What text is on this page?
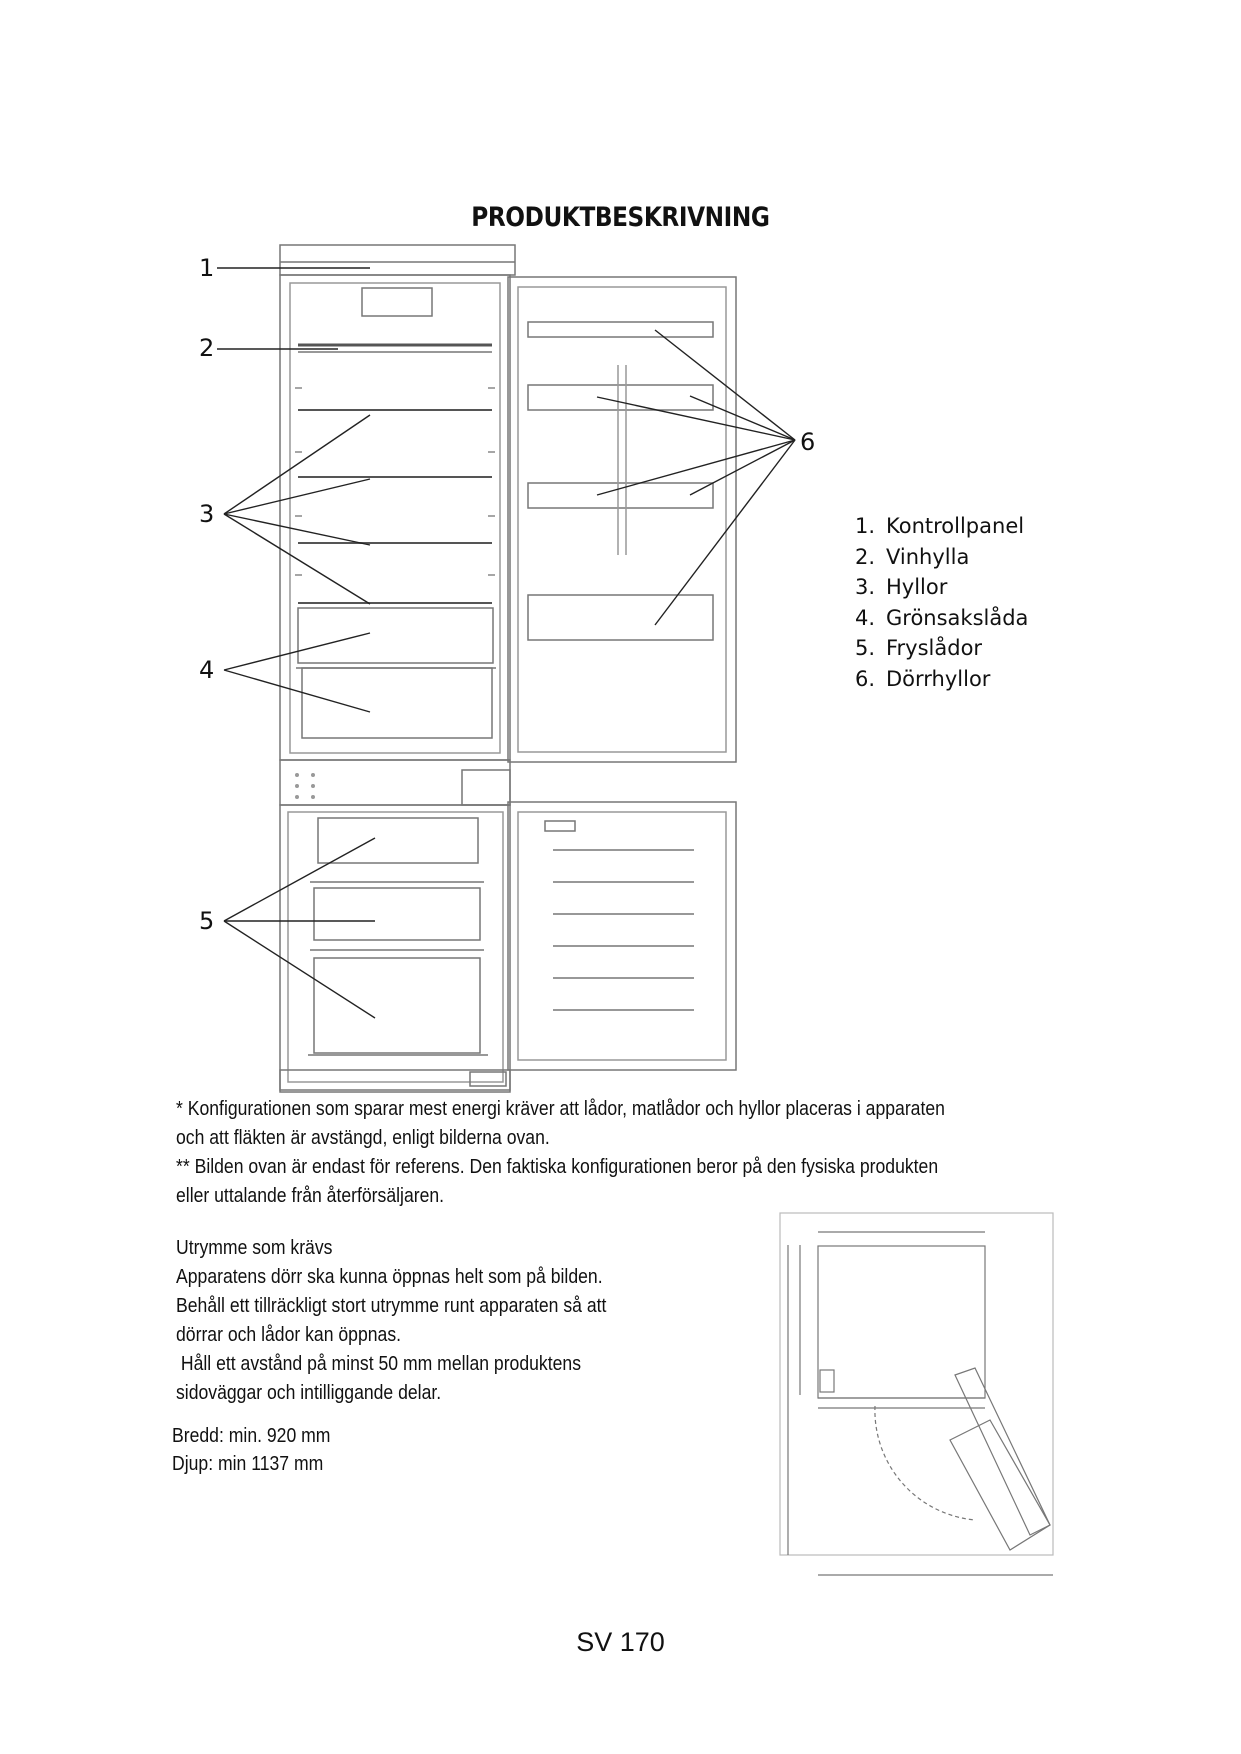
PRODUKTBESKRIVNING
1
2
3
4
5
6
1. Kontrollpanel
2. Vinhylla
3. Hyllor
4. Grönsakslåda
5. Fryslådor
6. Dörrhyllor

* Konfigurationen som sparar mest energi kräver att lådor, matlådor och hyllor placeras i apparaten

och att fläkten är avstängd, enligt bilderna ovan.

** Bilden ovan är endast för referens. Den faktiska konfigurationen beror på den fysiska produkten

eller uttalande från återförsäljaren.

Utrymme som krävs
Apparatens dörr ska kunna öppnas helt som på bilden.
Behåll ett tillräckligt stort utrymme runt apparaten så att
dörrar och lådor kan öppnas.
Håll ett avstånd på minst 50 mm mellan produktens
sidoväggar och intilliggande delar.
Bredd: min. 920 mm
Djup: min 1137 mm
SV 170
